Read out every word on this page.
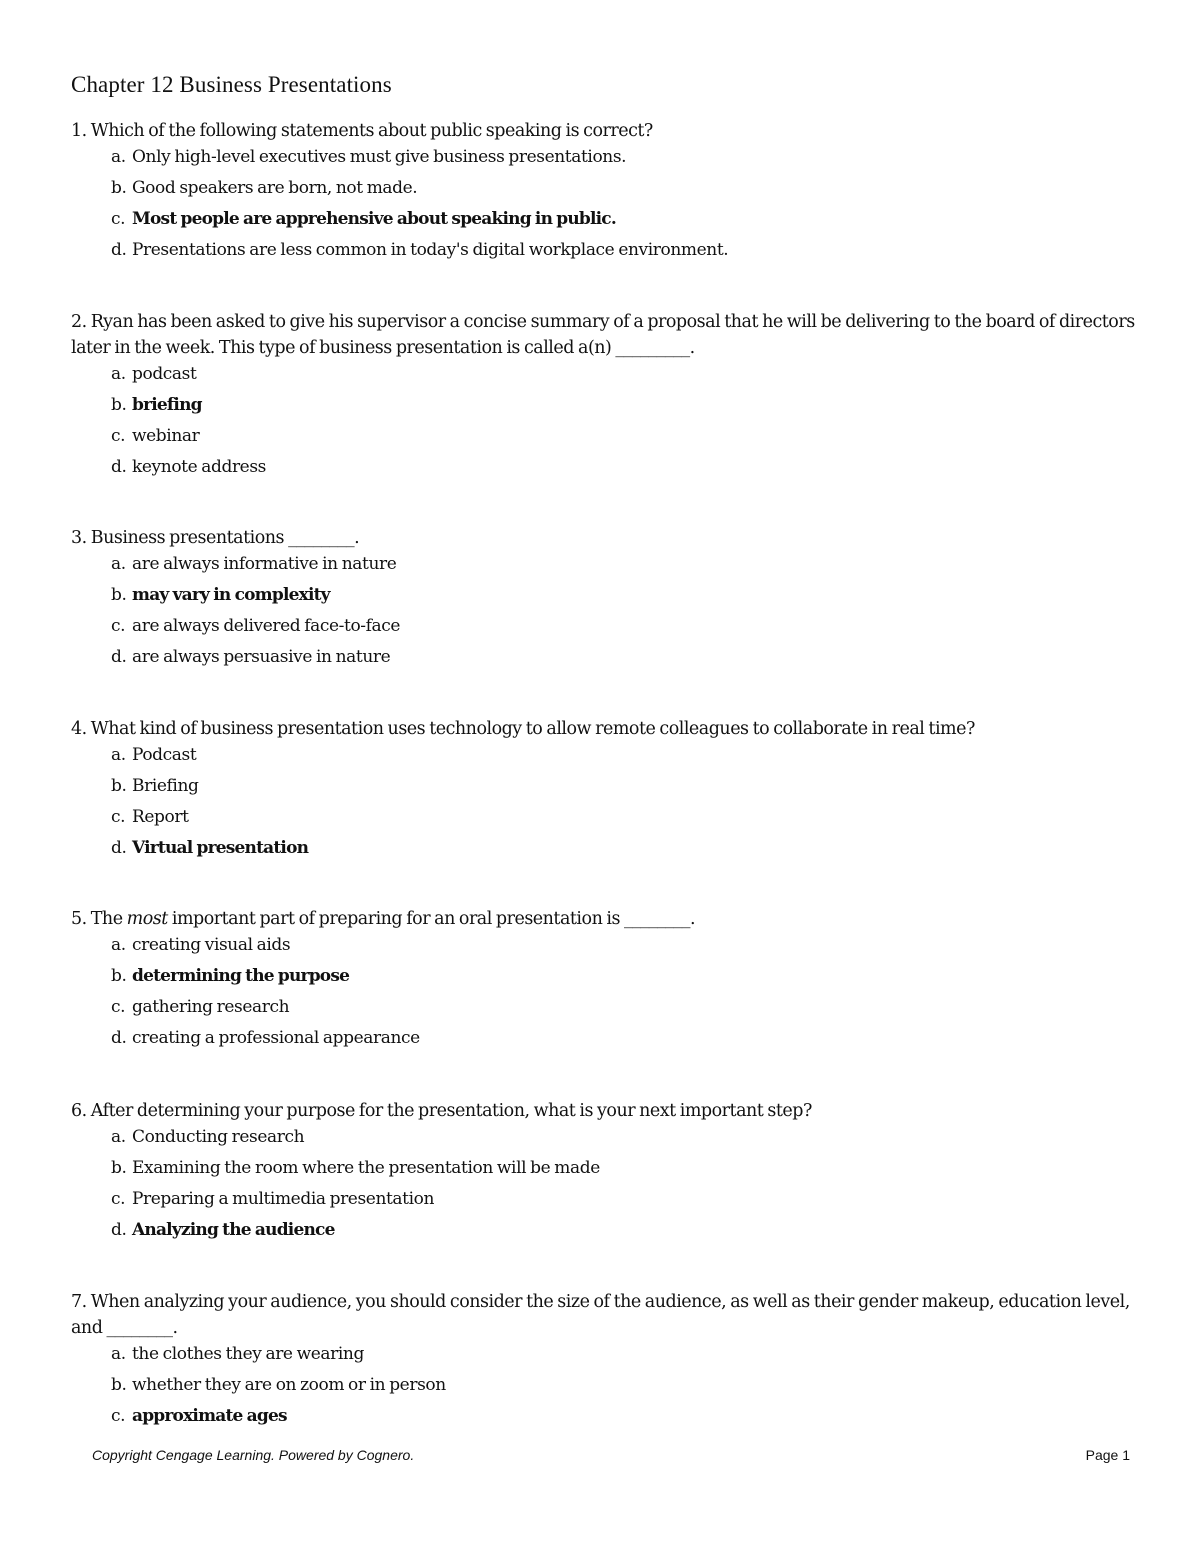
Chapter 12 Business Presentations

1. Which of the following statements about public speaking is correct?

a. Only high-level executives must give business presentations.
b. Good speakers are born, not made.
c. Most people are apprehensive about speaking in public.
d. Presentations are less common in today's digital workplace environment.

2. Ryan has been asked to give his supervisor a concise summary of a proposal that he will be delivering to the board of directors later in the week. This type of business presentation is called a(n) _________.

a. podcast
b. briefing
c. webinar
d. keynote address

3. Business presentations ________.

a. are always informative in nature
b. may vary in complexity
c. are always delivered face-to-face
d. are always persuasive in nature

4. What kind of business presentation uses technology to allow remote colleagues to collaborate in real time?

a. Podcast
b. Briefing
c. Report
d. Virtual presentation

5. The most important part of preparing for an oral presentation is ________.

a. creating visual aids
b. determining the purpose
c. gathering research
d. creating a professional appearance

6. After determining your purpose for the presentation, what is your next important step?

a. Conducting research
b. Examining the room where the presentation will be made
c. Preparing a multimedia presentation
d. Analyzing the audience

7. When analyzing your audience, you should consider the size of the audience, as well as their gender makeup, education level, and ________.

a. the clothes they are wearing
b. whether they are on zoom or in person
c. approximate ages
Copyright Cengage Learning. Powered by Cognero.	Page 1
